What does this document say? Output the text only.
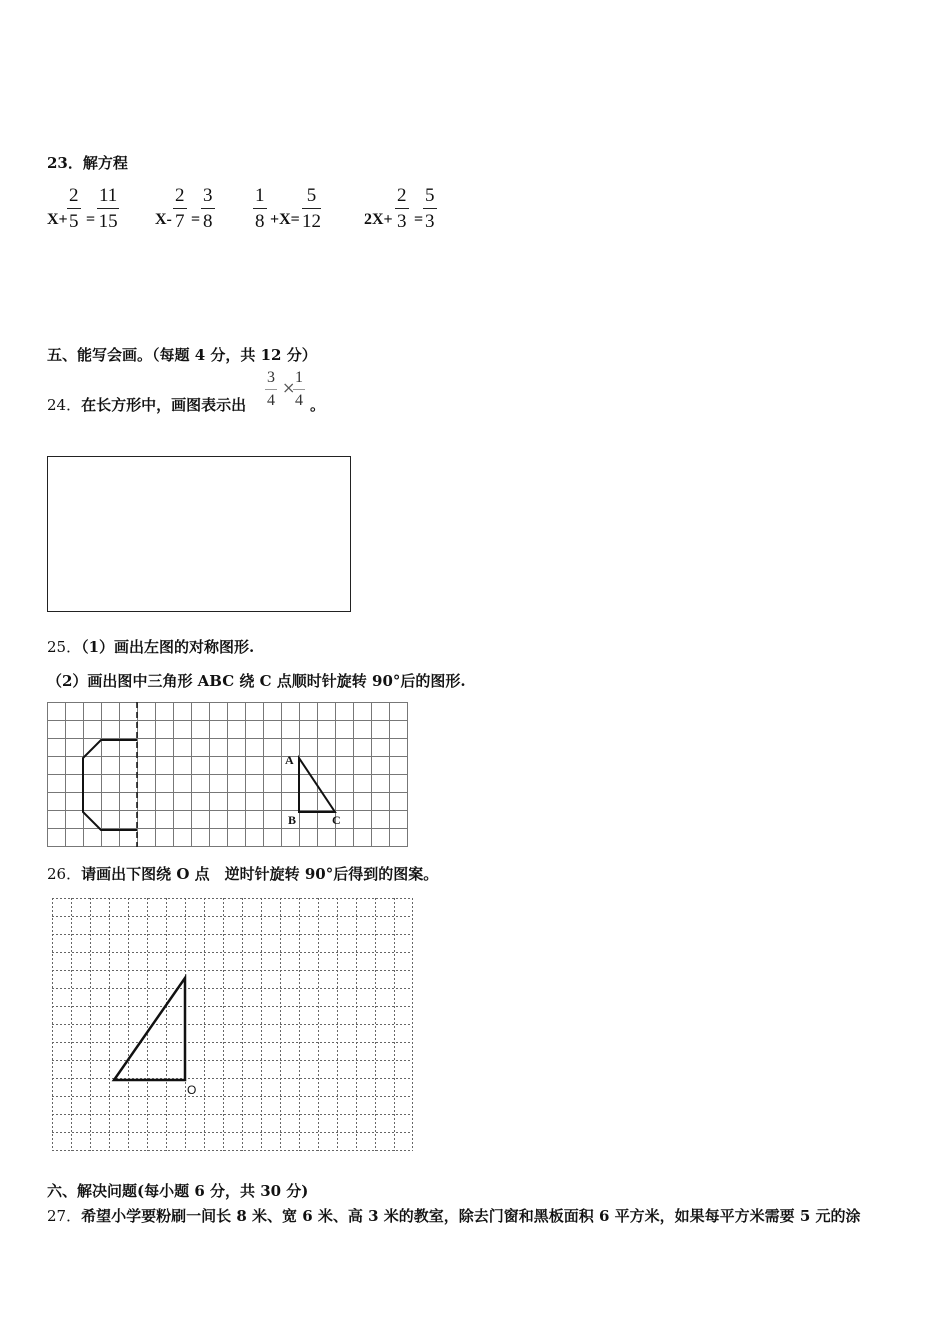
23．解方程
$X+ \frac{2}{5} = \frac{11}{15} X- \frac{2}{7} = \frac{3}{8} \frac{1}{8} +X= \frac{5}{12}$	$2X+ \frac{2}{3} = \frac{5}{3}$
五、能写会画。（每题 4 分，共 12 分）
24．在长方形中，画图表示出 $\frac{3}{4}$ ×
$\frac{1}{4}$ 。
25．（1）画出左图的对称图形.
（2）画出图中三角形 ABC 绕 C 点顺时针旋转 90°后的图形.
A
B	C
26．请画出下图绕 O 点　逆时针旋转 90°后得到的图案。
O
六、解决问题(每小题 6 分，共 30 分)
27．希望小学要粉刷一间长 8 米、宽 6 米、高 3 米的教室，除去门窗和黑板面积 6 平方米，如果每平方米需要 5 元的涂
